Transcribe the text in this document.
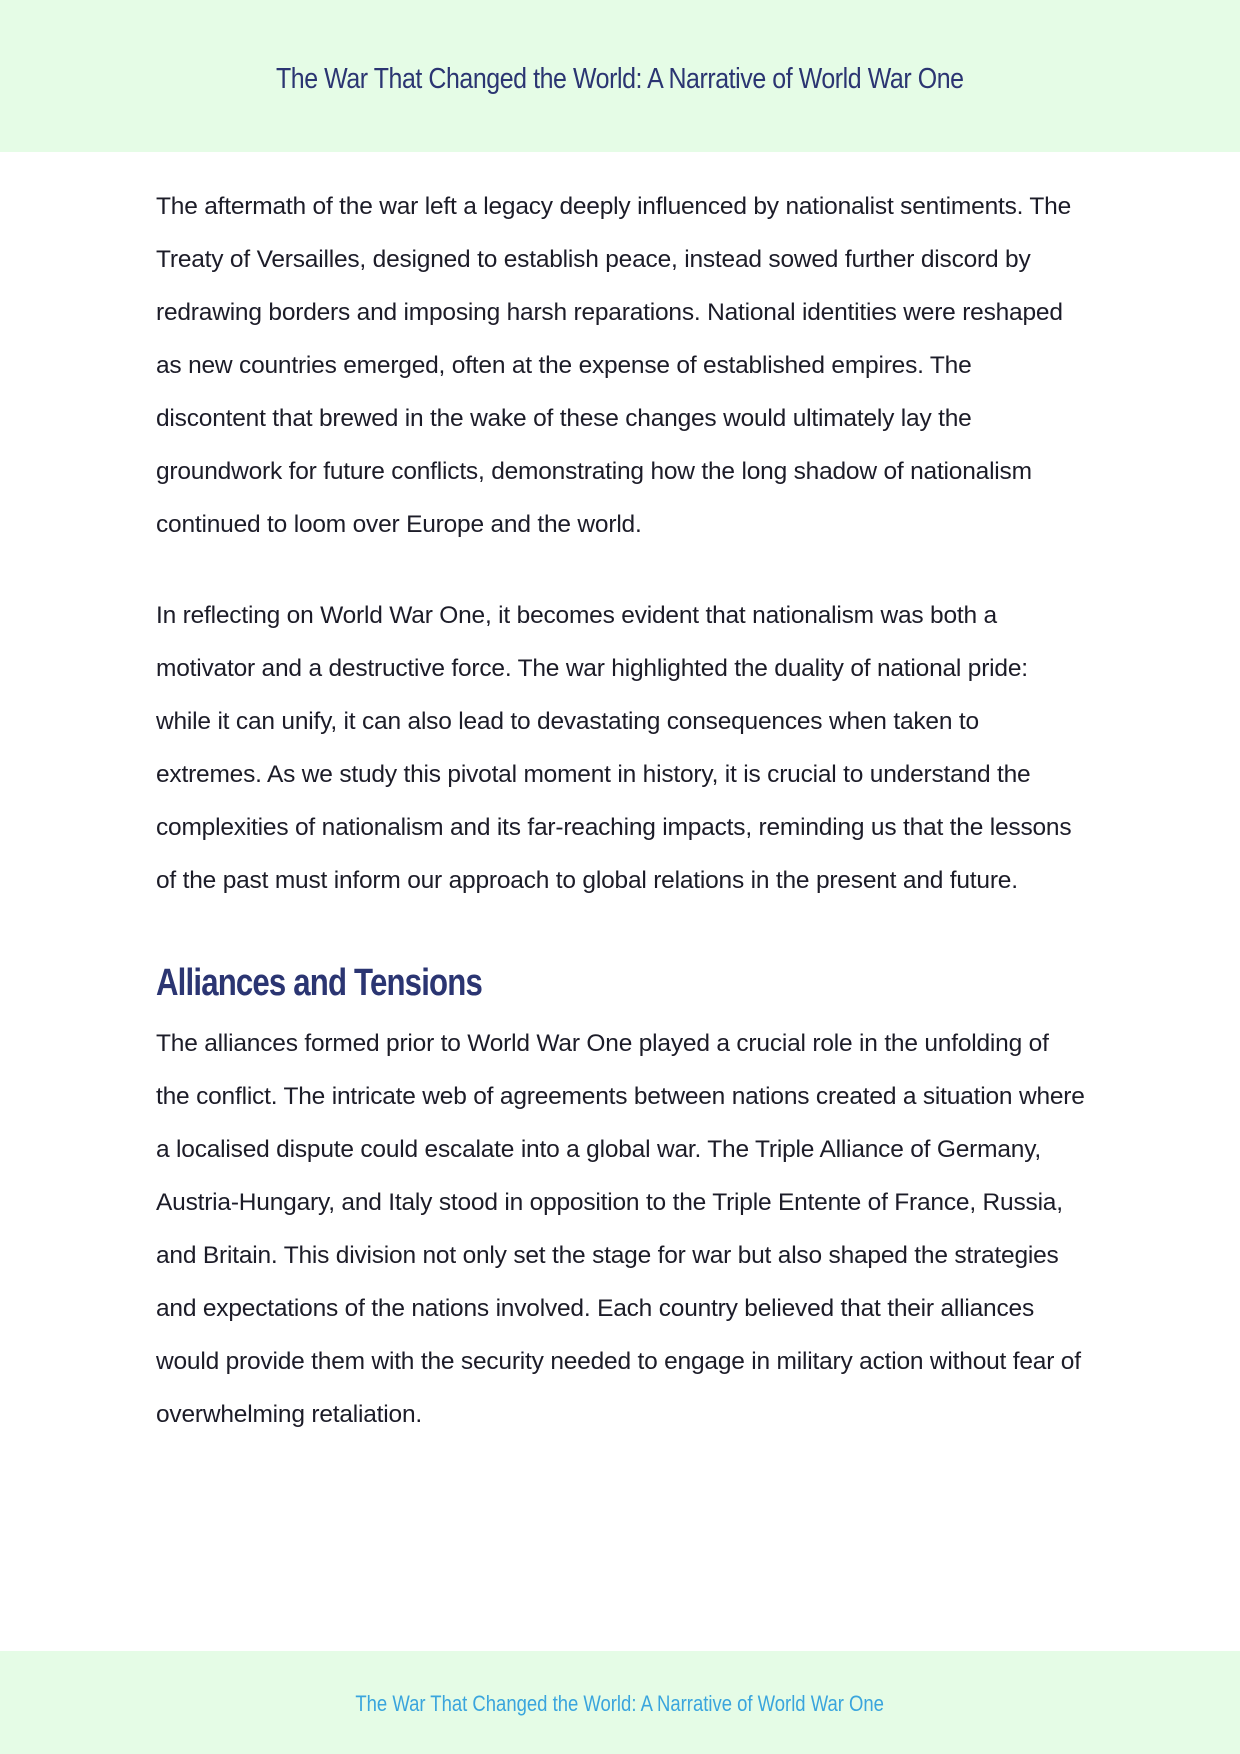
The War That Changed the World: A Narrative of World War One

The aftermath of the war left a legacy deeply influenced by nationalist sentiments. The Treaty of Versailles, designed to establish peace, instead sowed further discord by redrawing borders and imposing harsh reparations. National identities were reshaped as new countries emerged, often at the expense of established empires. The discontent that brewed in the wake of these changes would ultimately lay the groundwork for future conflicts, demonstrating how the long shadow of nationalism continued to loom over Europe and the world.

In reflecting on World War One, it becomes evident that nationalism was both a motivator and a destructive force. The war highlighted the duality of national pride: while it can unify, it can also lead to devastating consequences when taken to extremes. As we study this pivotal moment in history, it is crucial to understand the complexities of nationalism and its far-reaching impacts, reminding us that the lessons of the past must inform our approach to global relations in the present and future.

Alliances and Tensions

The alliances formed prior to World War One played a crucial role in the unfolding of the conflict. The intricate web of agreements between nations created a situation where a localised dispute could escalate into a global war. The Triple Alliance of Germany, Austria-Hungary, and Italy stood in opposition to the Triple Entente of France, Russia, and Britain. This division not only set the stage for war but also shaped the strategies and expectations of the nations involved. Each country believed that their alliances would provide them with the security needed to engage in military action without fear of overwhelming retaliation.

The War That Changed the World: A Narrative of World War One
